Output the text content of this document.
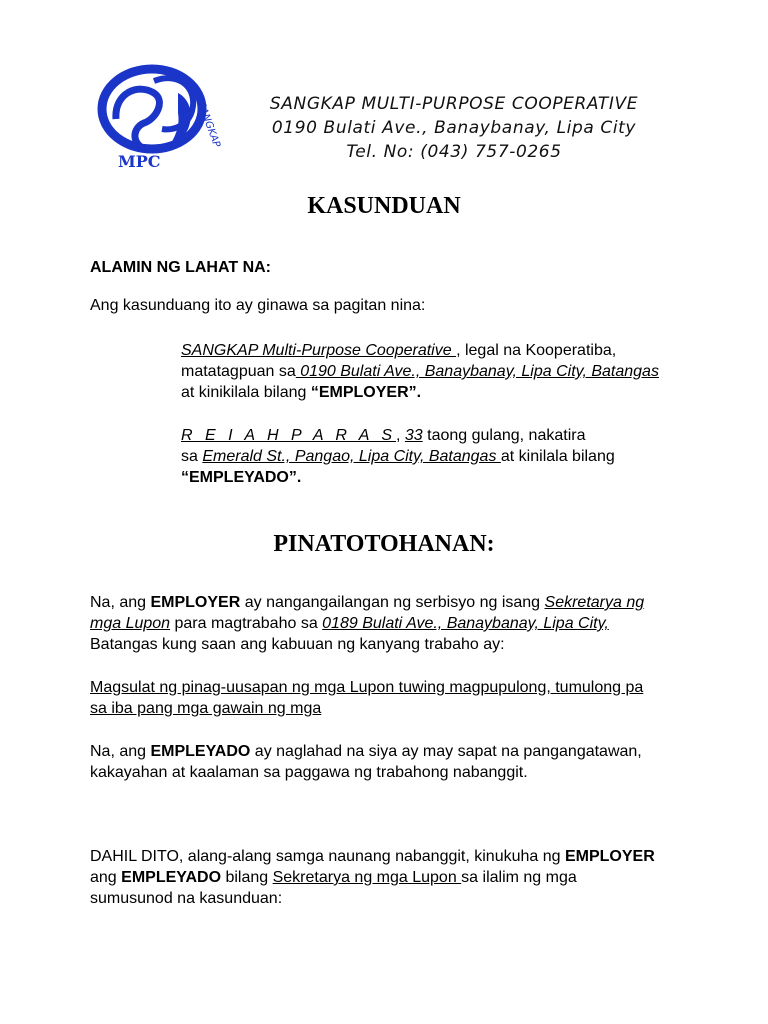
SANGKAP
MPC
SANGKAP MULTI-PURPOSE COOPERATIVE
0190 Bulati Ave., Banaybanay, Lipa City
Tel. No: (043) 757-0265
KASUNDUAN
ALAMIN NG LAHAT NA:
Ang kasunduang ito ay ginawa sa pagitan nina:
SANGKAP Multi-Purpose Cooperative , legal na Kooperatiba,
matatagpuan sa 0190 Bulati Ave., Banaybanay, Lipa City, Batangas
at kinikilala bilang “EMPLOYER”.
R E I A H P A R A S, 33 taong gulang, nakatira
sa Emerald St., Pangao, Lipa City, Batangas at kinilala bilang
“EMPLEYADO”.
PINATOTOHANAN:
Na, ang EMPLOYER ay nangangailangan ng serbisyo ng isang Sekretarya ng
mga Lupon para magtrabaho sa 0189 Bulati Ave., Banaybanay, Lipa City,
Batangas kung saan ang kabuuan ng kanyang trabaho ay:
Magsulat ng pinag-uusapan ng mga Lupon tuwing magpupulong, tumulong pa
sa iba pang mga gawain ng mga
Na, ang EMPLEYADO ay naglahad na siya ay may sapat na pangangatawan,
kakayahan at kaalaman sa paggawa ng trabahong nabanggit.
DAHIL DITO, alang-alang samga naunang nabanggit, kinukuha ng EMPLOYER
ang EMPLEYADO bilang Sekretarya ng mga Lupon sa ilalim ng mga
sumusunod na kasunduan:
